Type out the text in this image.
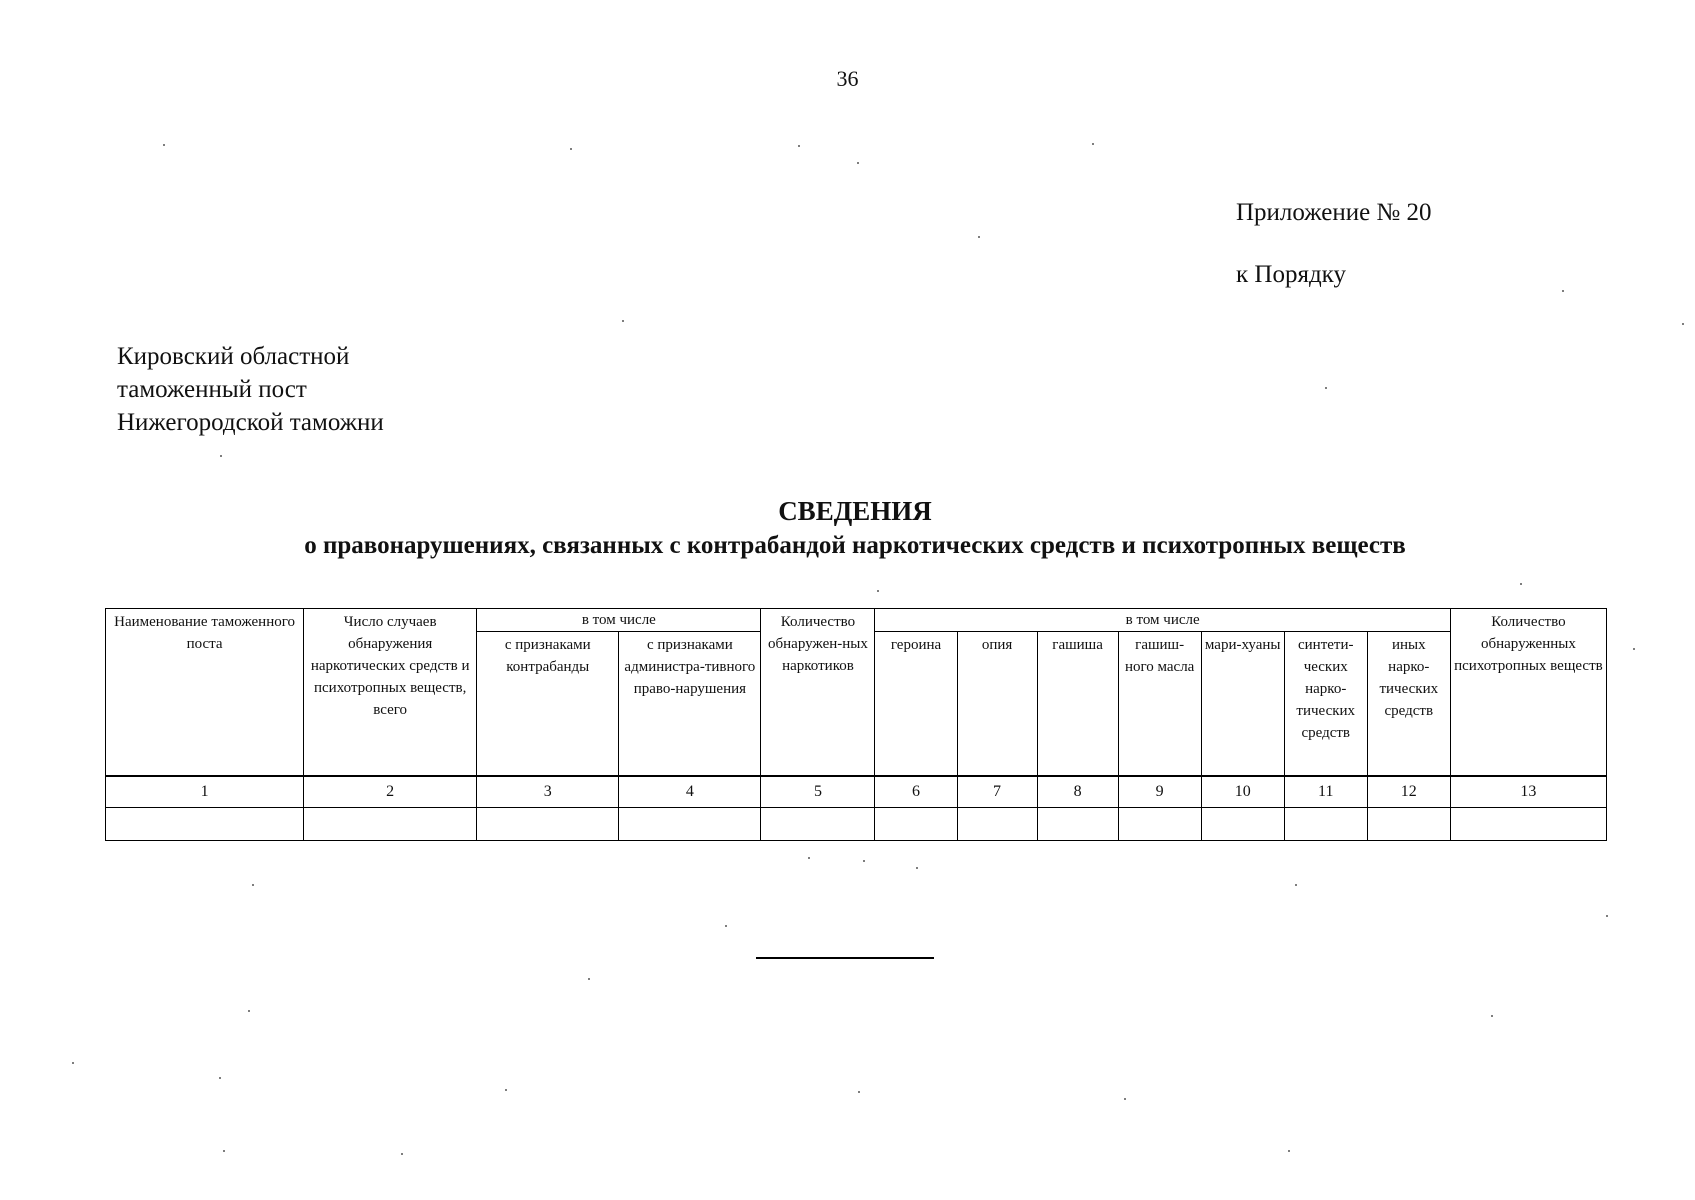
36
Приложение № 20
к Порядку
Кировский областной
таможенный пост
Нижегородской таможни
СВЕДЕНИЯ
о правонарушениях, связанных с контрабандой наркотических средств и психотропных веществ
Наименование таможенного поста	Число случаев обнаружения наркотических средств и психотропных веществ, всего	в том числе		Количество обнаружен-ных наркотиков	в том числе							Количество обнаруженных психотропных веществ
		с признаками контрабанды	с признаками администра-тивного право-нарушения		героина	опия	гашиша	гашиш-ного масла	мари-хуаны	синтети-ческих нарко-тических средств	иных нарко-тических средств	
1	2	3	4	5	6	7	8	9	10	11	12	13
